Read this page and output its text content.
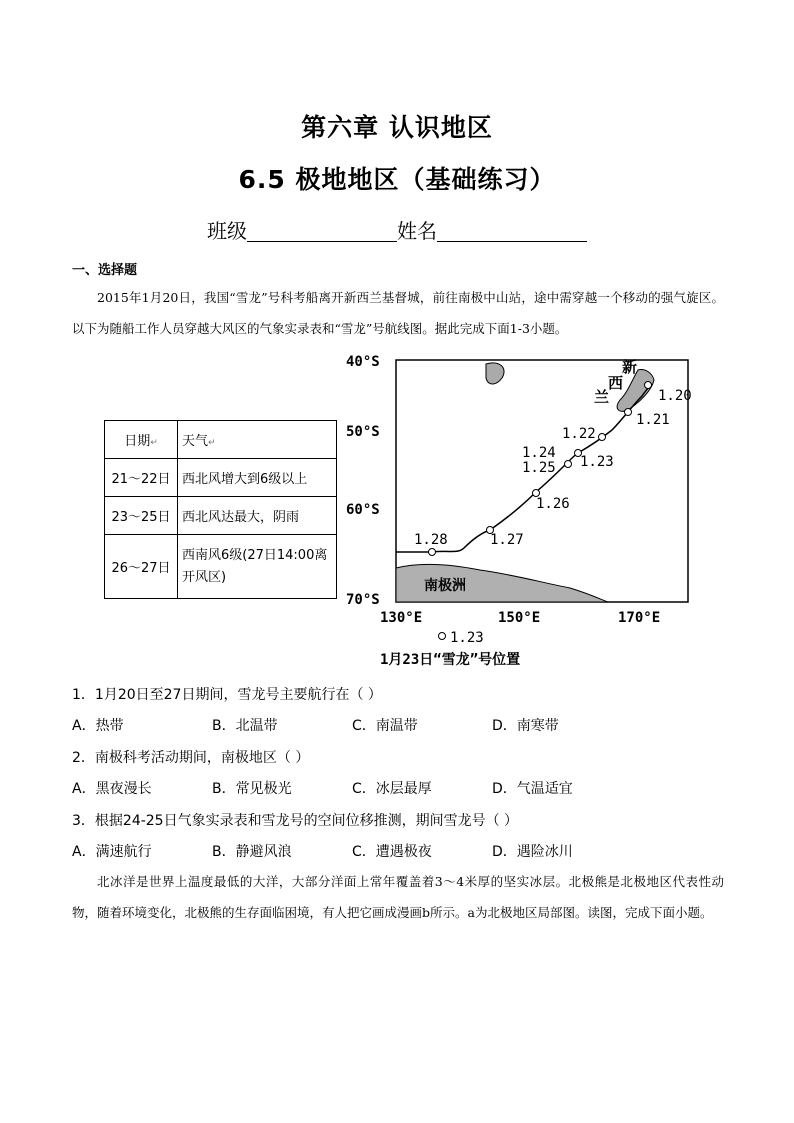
第六章 认识地区
6.5 极地地区（基础练习）
班级	姓名
一、选择题
2015年1月20日，我国“雪龙”号科考船离开新西兰基督城，前往南极中山站，途中需穿越一个移动的强气旋区。以下为随船工作人员穿越大风区的气象实录表和“雪龙”号航线图。据此完成下面1-3小题。
日期↵	天气↵
21～22日	西北风增大到6级以上
23～25日	西北风达最大，阴雨
26～27日	西南风6级(27日14:00离开风区)
1.20
1.21
1.22
1.23
1.24
1.25
1.26
1.27
1.28
新
西
兰
南极洲
40°S
50°S
60°S
70°S
130°E	150°E	170°E
1.23
1月23日“雪龙”号位置
1．1月20日至27日期间，雪龙号主要航行在（ ）
A．热带	B．北温带	C．南温带	D．南寒带
2．南极科考活动期间，南极地区（ ）
A．黑夜漫长	B．常见极光	C．冰层最厚	D．气温适宜
3．根据24-25日气象实录表和雪龙号的空间位移推测，期间雪龙号（ ）
A．满速航行	B．静避风浪	C．遭遇极夜	D．遇险冰川
北冰洋是世界上温度最低的大洋，大部分洋面上常年覆盖着3～4米厚的坚实冰层。北极熊是北极地区代表性动物，随着环境变化，北极熊的生存面临困境，有人把它画成漫画b所示。a为北极地区局部图。读图，完成下面小题。
